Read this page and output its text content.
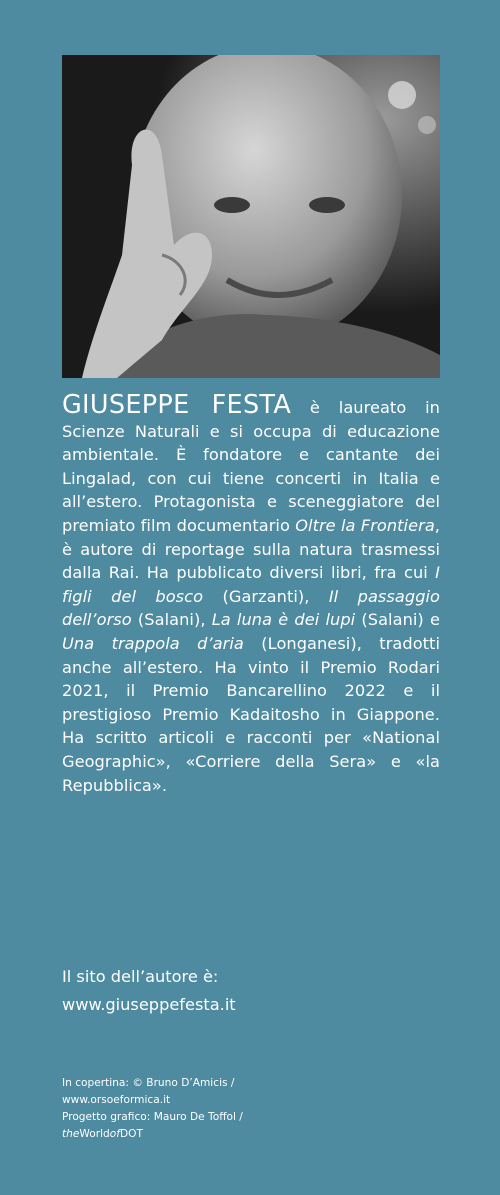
GIUSEPPE FESTA è laureato in Scienze Naturali e si occupa di educazione ambientale. È fondatore e cantante dei Lingalad, con cui tiene concerti in Italia e all’estero. Protagonista e sceneggiatore del premiato film documentario Oltre la Frontiera, è autore di reportage sulla natura trasmessi dalla Rai. Ha pubblicato diversi libri, fra cui I figli del bosco (Garzanti), Il passaggio dell’orso (Salani), La luna è dei lupi (Salani) e Una trappola d’aria (Longanesi), tradotti anche all’estero. Ha vinto il Premio Rodari 2021, il Premio Bancarellino 2022 e il prestigioso Premio Kadaitosho in Giappone. Ha scritto articoli e racconti per «National Geographic», «Corriere della Sera» e «la Repubblica».
Il sito dell’autore è:
www.giuseppefesta.it
In copertina: © Bruno D’Amicis /
www.orsoeformica.it
Progetto grafico: Mauro De Toffol /
theWorldofDOT
